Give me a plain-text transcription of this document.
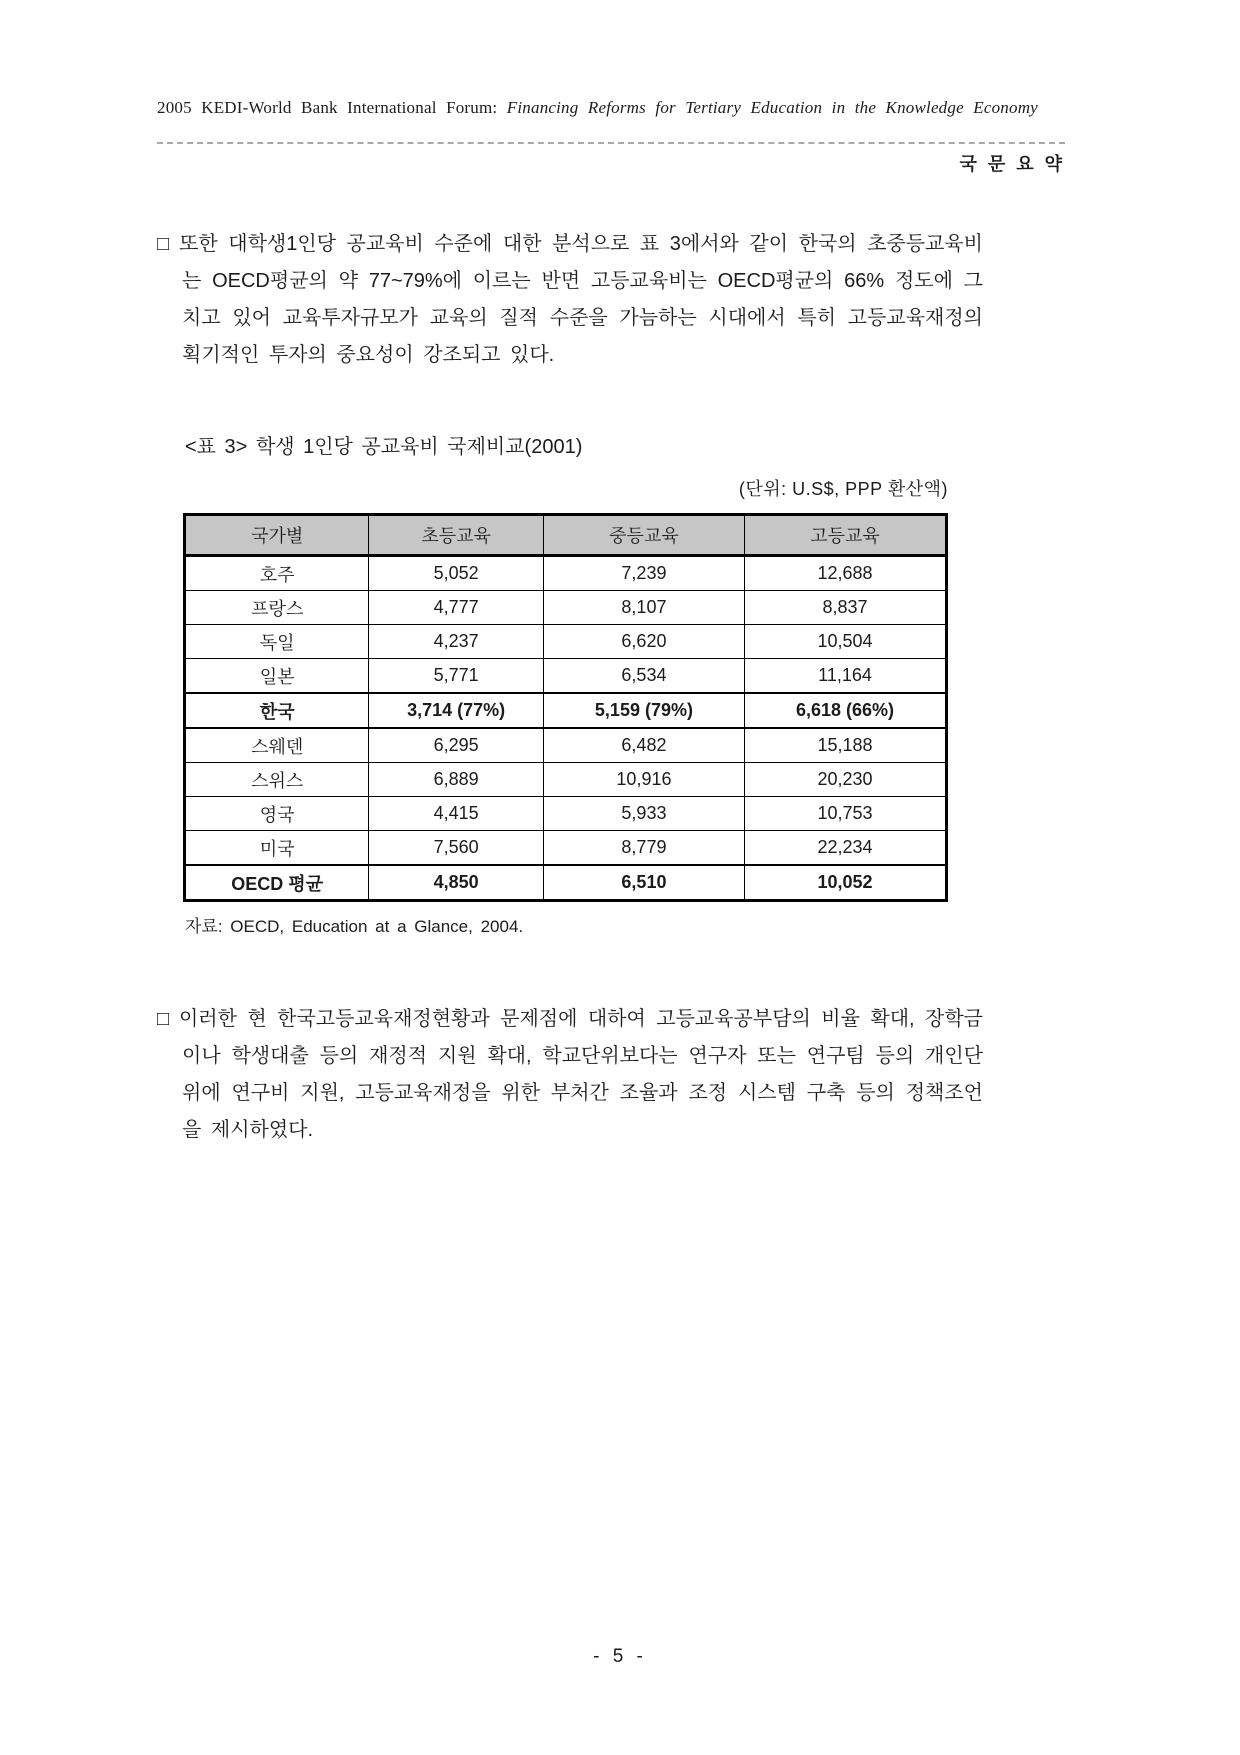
2005 KEDI-World Bank International Forum: Financing Reforms for Tertiary Education in the Knowledge Economy
국 문 요 약
□ 또한 대학생1인당 공교육비 수준에 대한 분석으로 표 3에서와 같이 한국의 초중등교육비는 OECD평균의 약 77~79%에 이르는 반면 고등교육비는 OECD평균의 66% 정도에 그치고 있어 교육투자규모가 교육의 질적 수준을 가늠하는 시대에서 특히 고등교육재정의 획기적인 투자의 중요성이 강조되고 있다.
<표 3> 학생 1인당 공교육비 국제비교(2001)
(단위: U.S$, PPP 환산액)
국가별	초등교육	중등교육	고등교육
호주	5,052	7,239	12,688
프랑스	4,777	8,107	8,837
독일	4,237	6,620	10,504
일본	5,771	6,534	11,164
한국	3,714 (77%)	5,159 (79%)	6,618 (66%)
스웨덴	6,295	6,482	15,188
스위스	6,889	10,916	20,230
영국	4,415	5,933	10,753
미국	7,560	8,779	22,234
OECD 평균	4,850	6,510	10,052
자료: OECD, Education at a Glance, 2004.
□ 이러한 현 한국고등교육재정현황과 문제점에 대하여 고등교육공부담의 비율 확대, 장학금이나 학생대출 등의 재정적 지원 확대, 학교단위보다는 연구자 또는 연구팀 등의 개인단위에 연구비 지원, 고등교육재정을 위한 부처간 조율과 조정 시스템 구축 등의 정책조언을 제시하였다.
- 5 -
